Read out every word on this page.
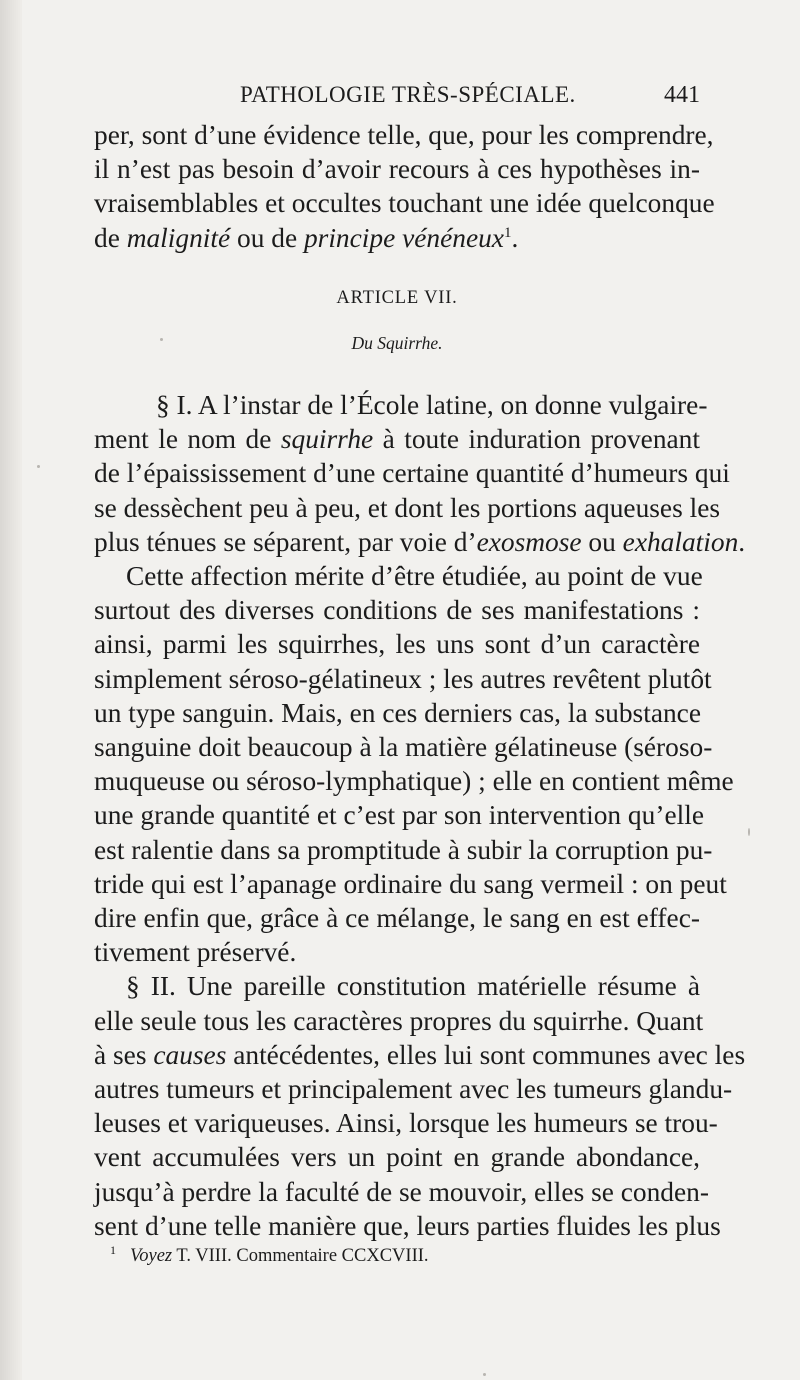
PATHOLOGIE TRÈS-SPÉCIALE.	441
per, sont d’une évidence telle, que, pour les comprendre,
il n’est pas besoin d’avoir recours à ces hypothèses in-
vraisemblables et occultes touchant une idée quelconque
de malignité ou de principe vénéneux$^1$.
ARTICLE VII.
Du Squirrhe.
§ I. A l’instar de l’École latine, on donne vulgaire-
ment le nom de squirrhe à toute induration provenant
de l’épaississement d’une certaine quantité d’humeurs qui
se dessèchent peu à peu, et dont les portions aqueuses les
plus ténues se séparent, par voie d’exosmose ou exhalation.
Cette affection mérite d’être étudiée, au point de vue
surtout des diverses conditions de ses manifestations :
ainsi, parmi les squirrhes, les uns sont d’un caractère
simplement séroso-gélatineux ; les autres revêtent plutôt
un type sanguin. Mais, en ces derniers cas, la substance
sanguine doit beaucoup à la matière gélatineuse (séroso-
muqueuse ou séroso-lymphatique) ; elle en contient même
une grande quantité et c’est par son intervention qu’elle
est ralentie dans sa promptitude à subir la corruption pu-
tride qui est l’apanage ordinaire du sang vermeil : on peut
dire enfin que, grâce à ce mélange, le sang en est effec-
tivement préservé.
§ II. Une pareille constitution matérielle résume à
elle seule tous les caractères propres du squirrhe. Quant
à ses causes antécédentes, elles lui sont communes avec les
autres tumeurs et principalement avec les tumeurs glandu-
leuses et variqueuses. Ainsi, lorsque les humeurs se trou-
vent accumulées vers un point en grande abondance,
jusqu’à perdre la faculté de se mouvoir, elles se conden-
sent d’une telle manière que, leurs parties fluides les plus
$^1$ Voyez T. VIII. Commentaire CCXCVIII.
